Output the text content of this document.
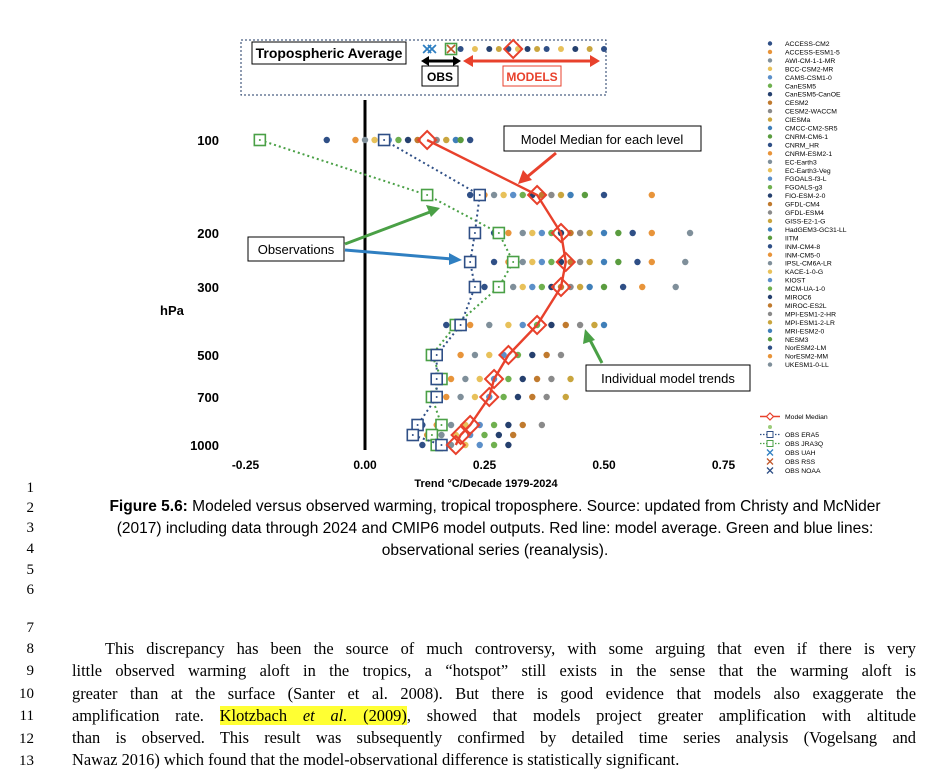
-0.25	0.00	0.25	0.50	0.75
Trend °C/Decade 1979-2024
100
200
300
500
700
1000
hPa
Tropospheric Average
OBS	MODELS
Model Median for each level
Observations
Individual model trends
ACCESS-CM2
ACCESS-ESM1-5
AWI-CM-1-1-MR
BCC-CSM2-MR
CAMS-CSM1-0
CanESM5
CanESM5-CanOE
CESM2
CESM2-WACCM
CIESMa
CMCC-CM2-SR5
CNRM-CM6-1
CNRM_HR
CNRM-ESM2-1
EC-Earth3
EC-Earth3-Veg
FGOALS-f3-L
FGOALS-g3
FIO-ESM-2-0
GFDL-CM4
GFDL-ESM4
GISS-E2-1-G
HadGEM3-GC31-LL
IITM
INM-CM4-8
INM-CM5-0
IPSL-CM6A-LR
KACE-1-0-G
KIOST
MCM-UA-1-0
MIROC6
MIROC-ES2L
MPI-ESM1-2-HR
MPI-ESM1-2-LR
MRI-ESM2-0
NESM3
NorESM2-LM
NorESM2-MM
UKESM1-0-LL
Model Median
OBS ERA5
OBS JRA3Q
OBS UAH
OBS RSS
OBS NOAA
1
2
3
4
5
6
7
8
9
10
11
12
13
Figure 5.6: Modeled versus observed warming, tropical troposphere. Source: updated from Christy and McNider (2017) including data through 2024 and CMIP6 model outputs. Red line: model average. Green and blue lines: observational series (reanalysis).
This discrepancy has been the source of much controversy, with some arguing that even if there is very
little observed warming aloft in the tropics, a “hotspot” still exists in the sense that the warming aloft is
greater than at the surface (Santer et al. 2008). But there is good evidence that models also exaggerate the
amplification rate. Klotzbach et al. (2009), showed that models project greater amplification with altitude
than is observed. This result was subsequently confirmed by detailed time series analysis (Vogelsang and
Nawaz 2016) which found that the model-observational difference is statistically significant.
